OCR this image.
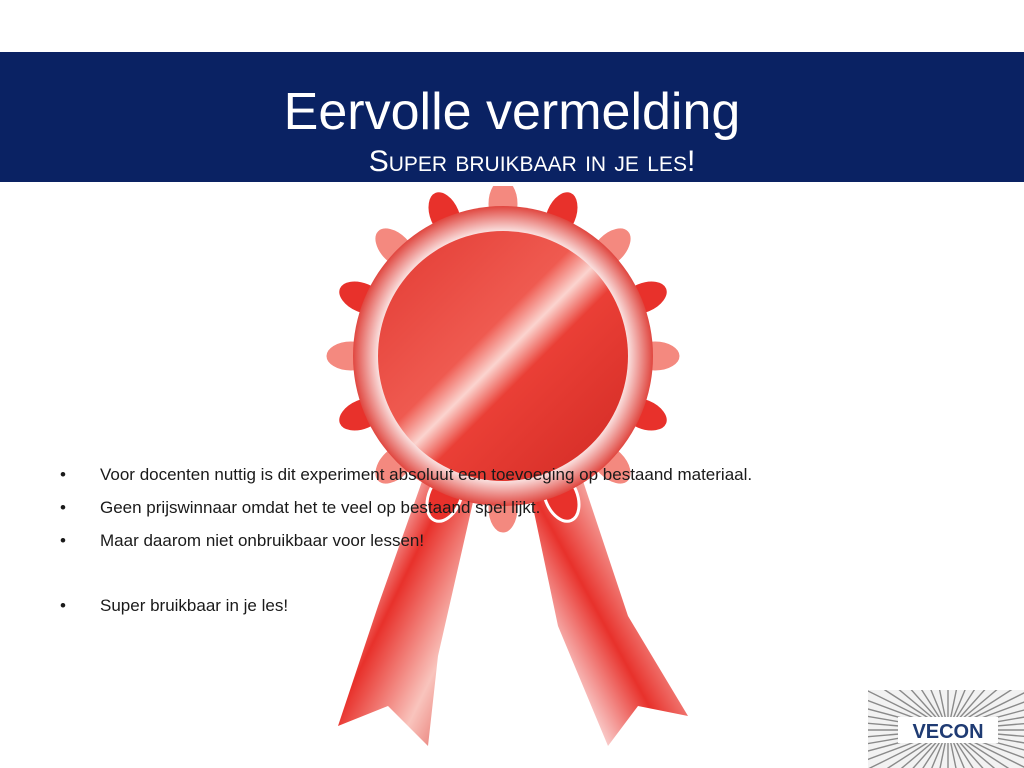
Eervolle vermelding
Super bruikbaar in je les!
• Voor docenten nuttig is dit experiment absoluut een toevoeging op bestaand materiaal.
• Geen prijswinnaar omdat het te veel op bestaand spel lijkt.
• Maar daarom niet onbruikbaar voor lessen!
• Super bruikbaar in je les!
VECON
